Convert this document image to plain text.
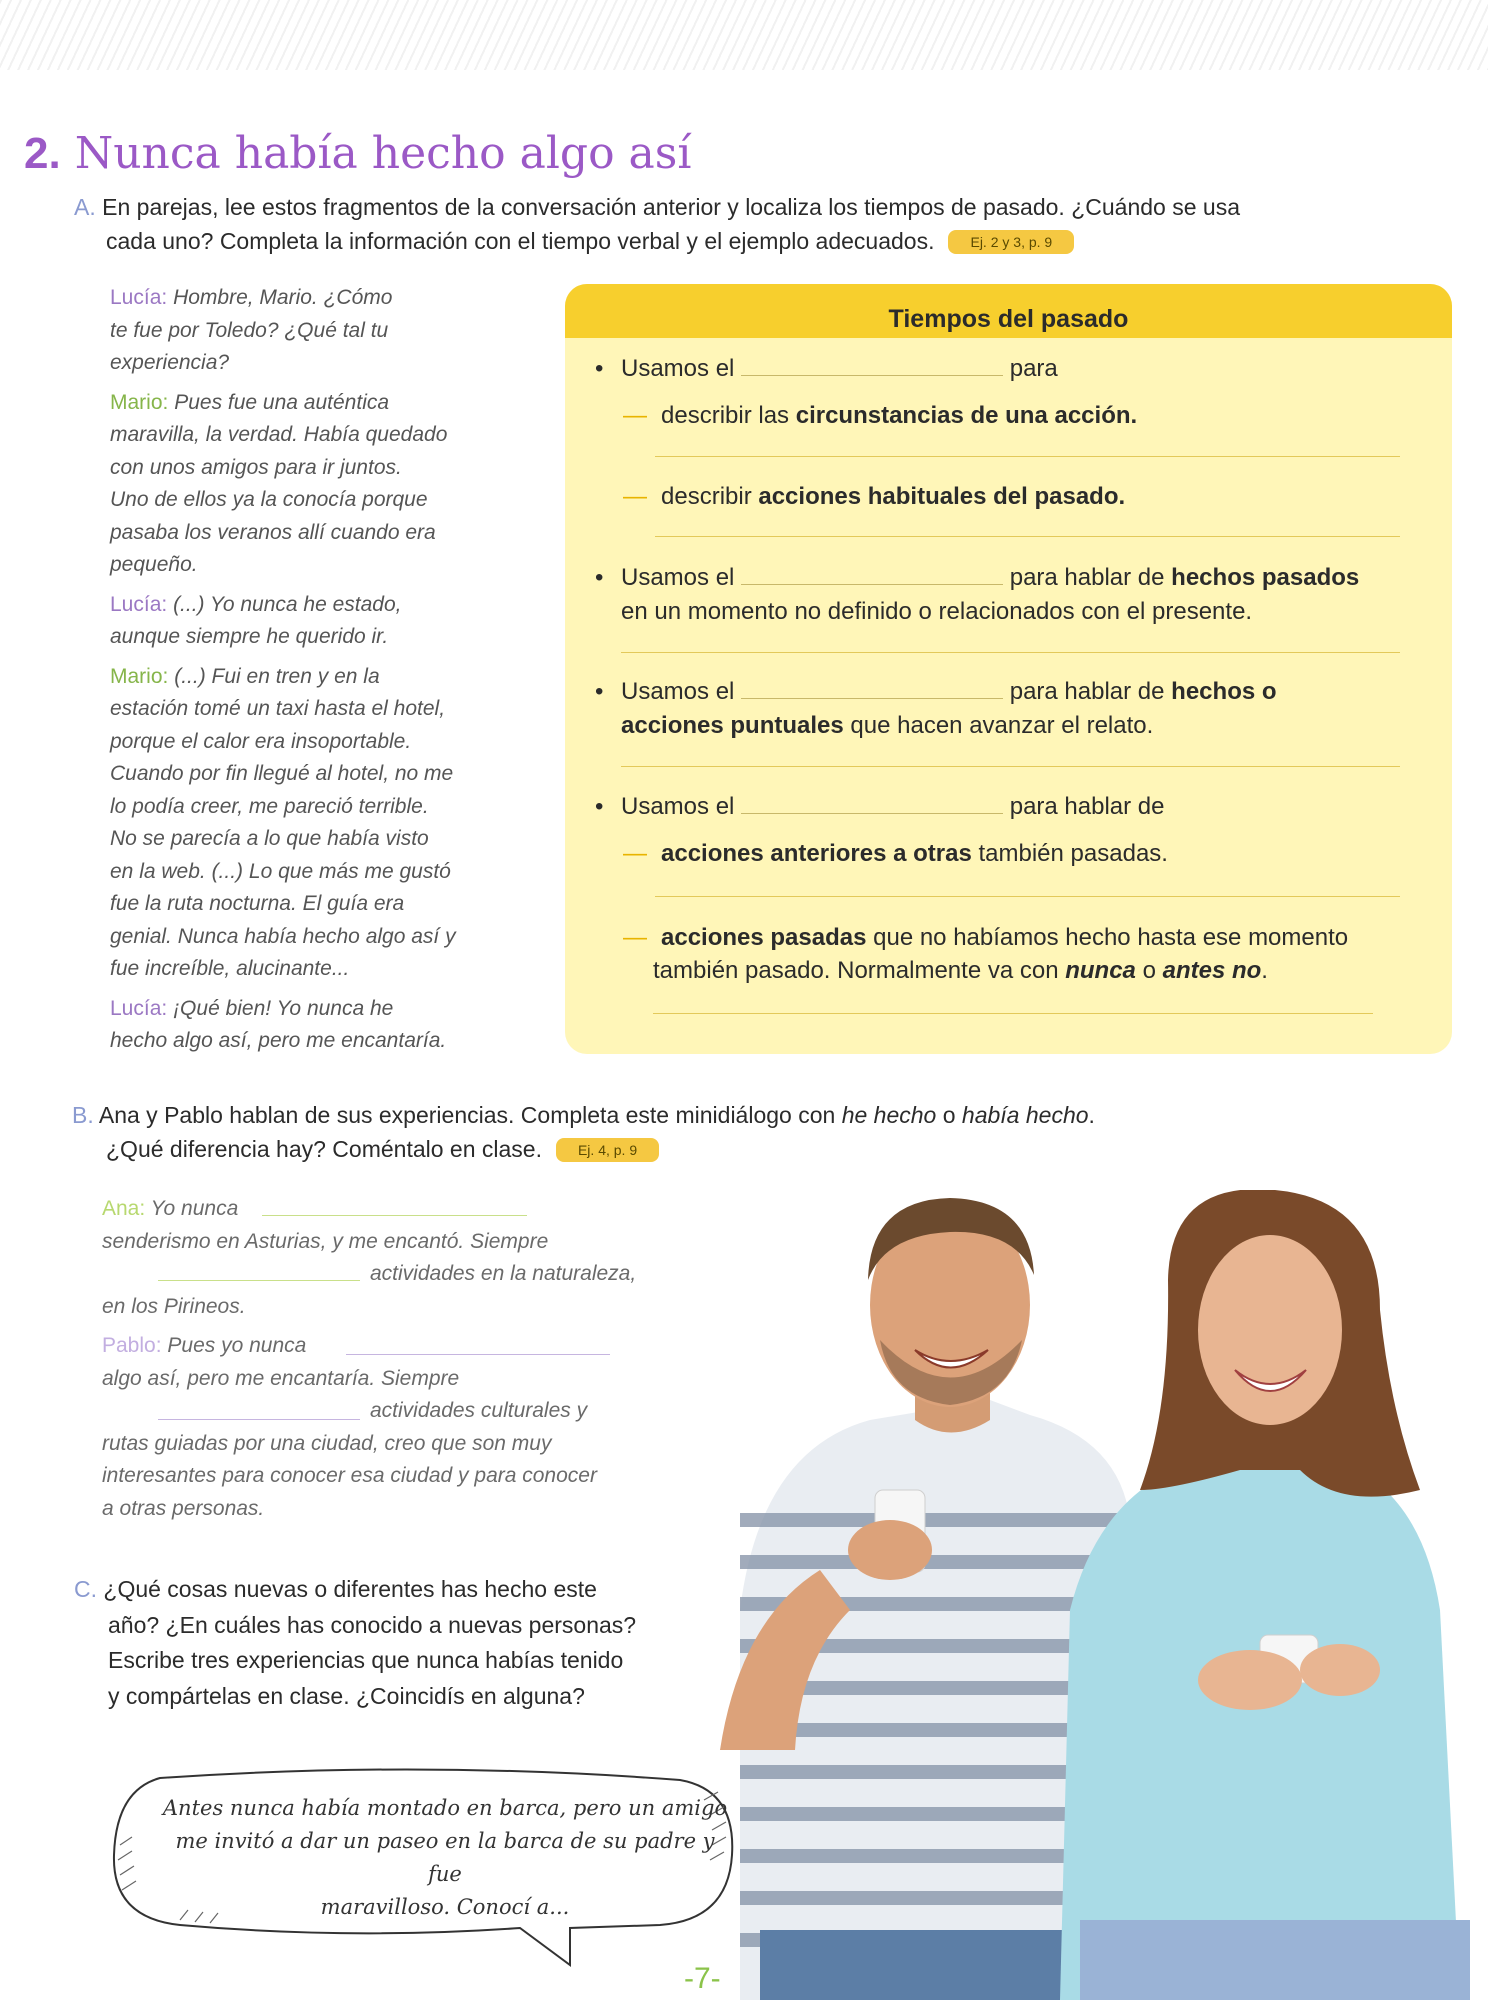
2. Nunca había hecho algo así
A. En parejas, lee estos fragmentos de la conversación anterior y localiza los tiempos de pasado. ¿Cuándo se usa
cada uno? Completa la información con el tiempo verbal y el ejemplo adecuados.	Ej. 2 y 3, p. 9

Lucía: Hombre, Mario. ¿Cómo
te fue por Toledo? ¿Qué tal tu
experiencia?

Mario: Pues fue una auténtica
maravilla, la verdad. Había quedado
con unos amigos para ir juntos.
Uno de ellos ya la conocía porque
pasaba los veranos allí cuando era
pequeño.

Lucía: (...) Yo nunca he estado,
aunque siempre he querido ir.

Mario: (...) Fui en tren y en la
estación tomé un taxi hasta el hotel,
porque el calor era insoportable.
Cuando por fin llegué al hotel, no me
lo podía creer, me pareció terrible.
No se parecía a lo que había visto
en la web. (...) Lo que más me gustó
fue la ruta nocturna. El guía era
genial. Nunca había hecho algo así y
fue increíble, alucinante...

Lucía: ¡Qué bien! Yo nunca he
hecho algo así, pero me encantaría.

Tiempos del pasado
• Usamos el	para
— describir las circunstancias de una acción.
— describir acciones habituales del pasado.
• Usamos el	para hablar de hechos pasados
en un momento no definido o relacionados con el presente.
• Usamos el	para hablar de hechos o
acciones puntuales que hacen avanzar el relato.
• Usamos el	para hablar de
— acciones anteriores a otras también pasadas.
— acciones pasadas que no habíamos hecho hasta ese momento
también pasado. Normalmente va con nunca o antes no.
B. Ana y Pablo hablan de sus experiencias. Completa este minidiálogo con he hecho o había hecho.
¿Qué diferencia hay? Coméntalo en clase.	Ej. 4, p. 9
Ana: Yo nunca
senderismo en Asturias, y me encantó. Siempre
actividades en la naturaleza,
en los Pirineos.
Pablo: Pues yo nunca
algo así, pero me encantaría. Siempre
actividades culturales y
rutas guiadas por una ciudad, creo que son muy
interesantes para conocer esa ciudad y para conocer
a otras personas.
C. ¿Qué cosas nuevas o diferentes has hecho este
año? ¿En cuáles has conocido a nuevas personas?
Escribe tres experiencias que nunca habías tenido
y compártelas en clase. ¿Coincidís en alguna?
Antes nunca había montado en barca, pero un amigo
me invitó a dar un paseo en la barca de su padre y fue
maravilloso. Conocí a...
-7-
